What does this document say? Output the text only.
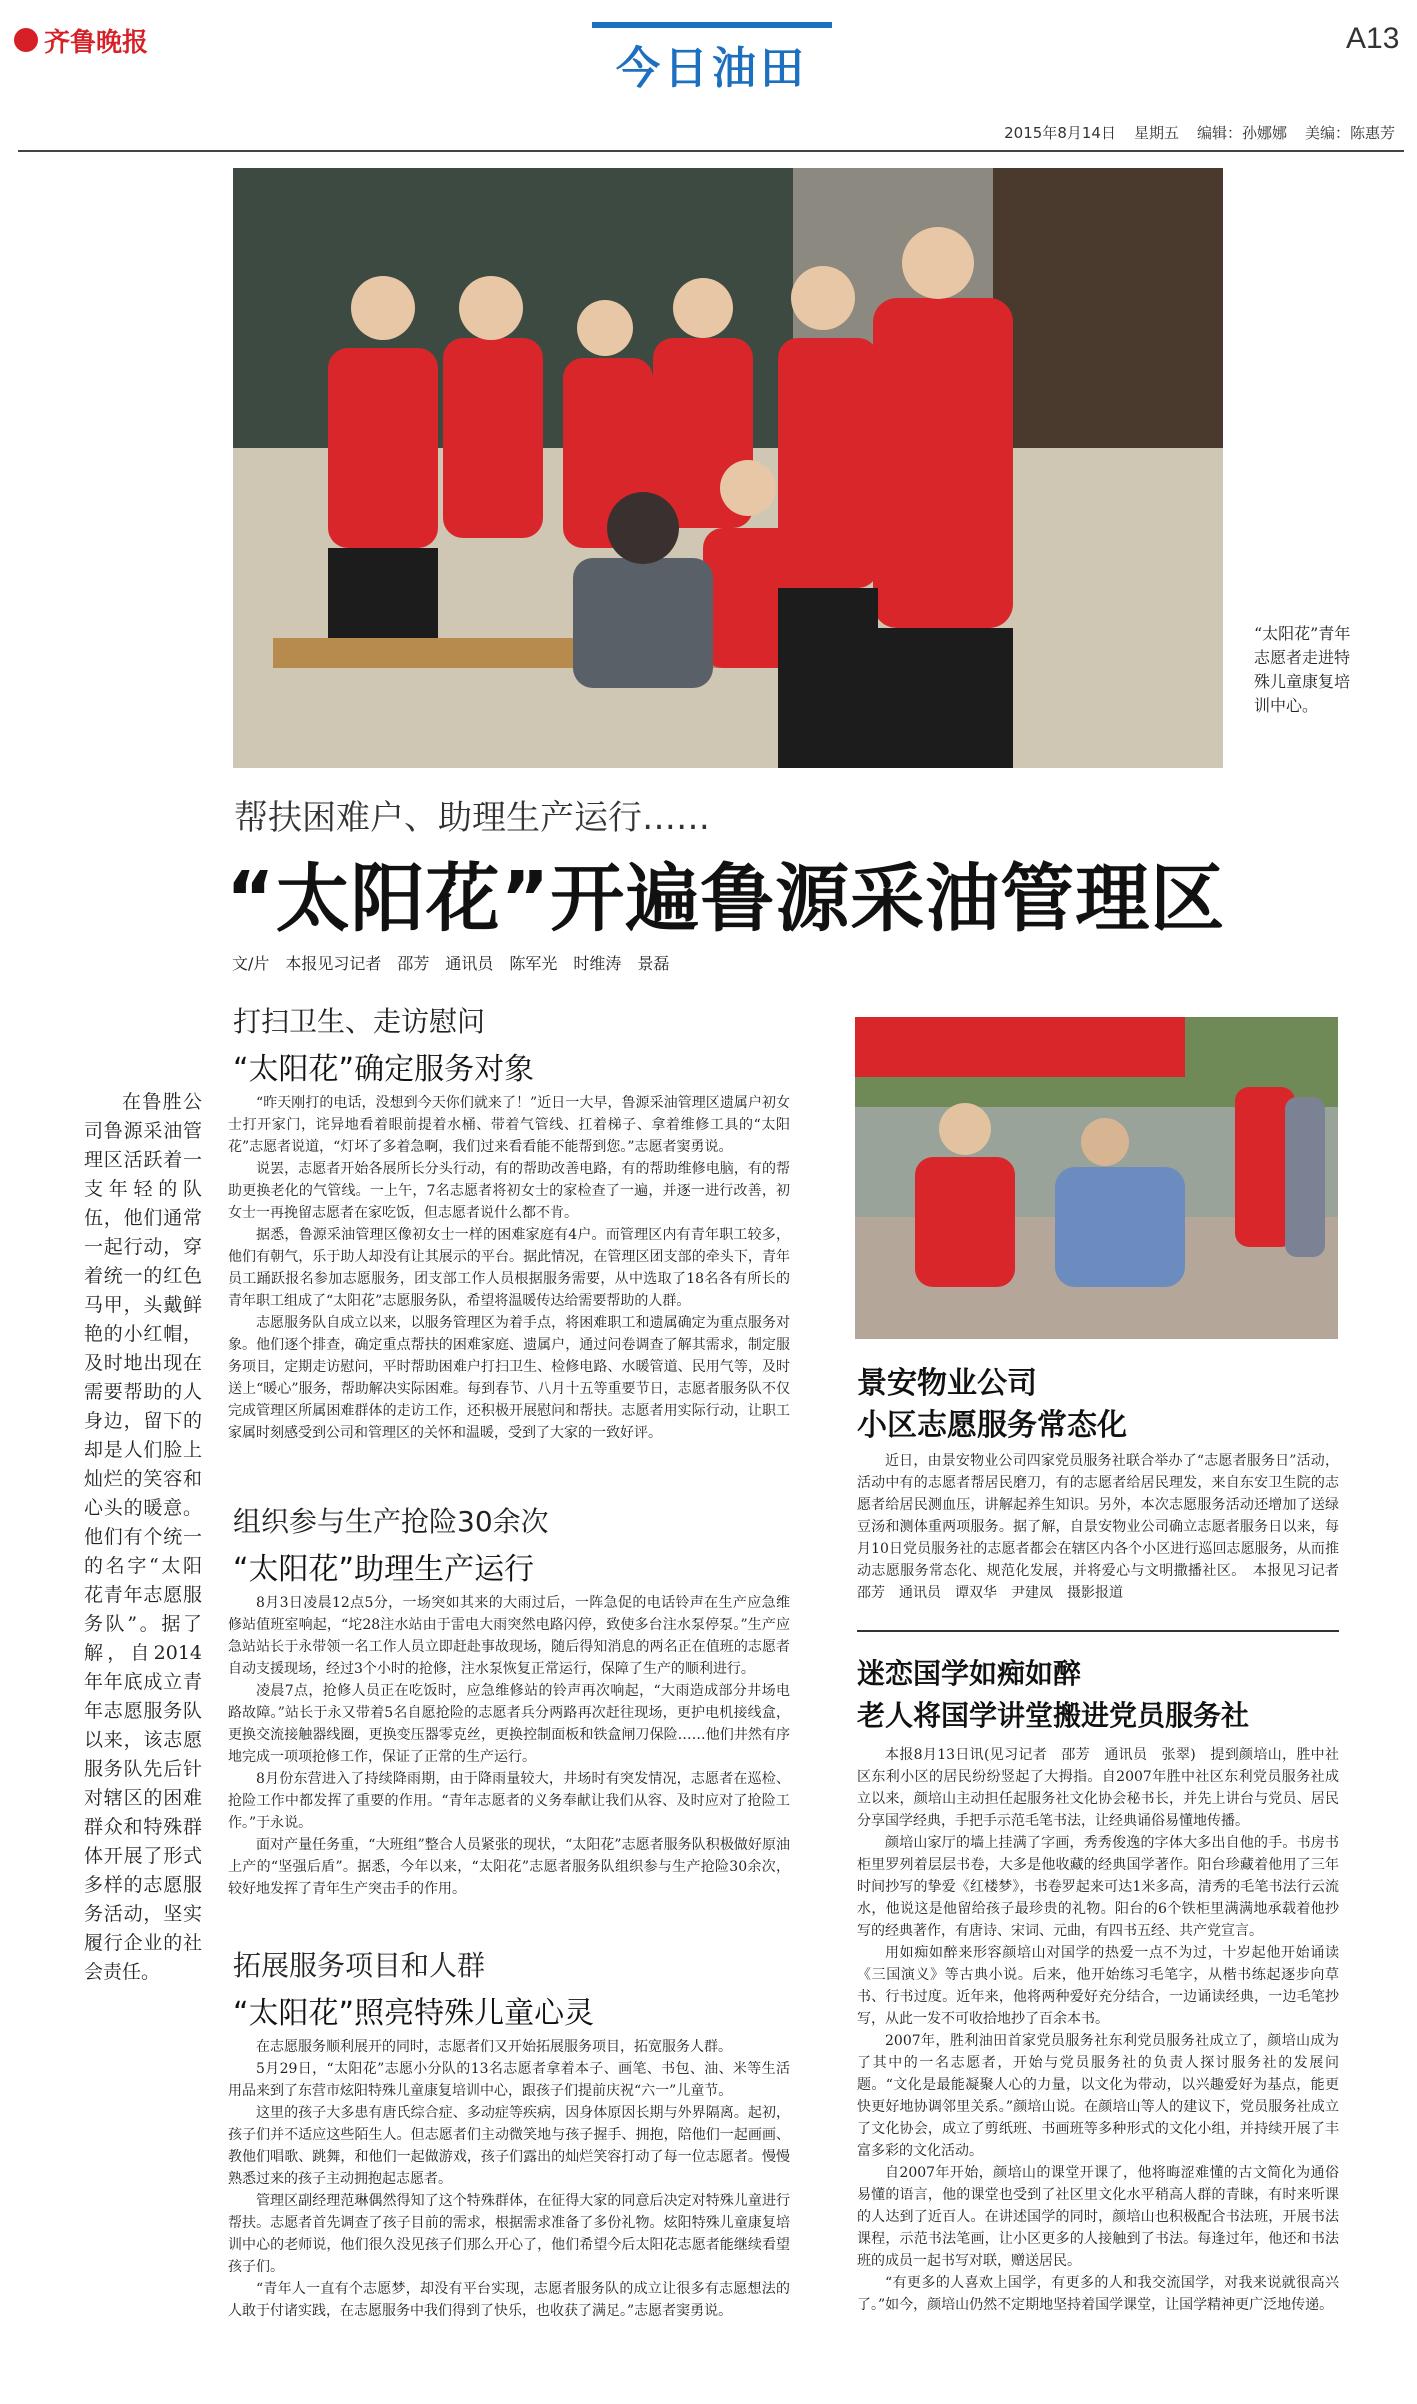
齐鲁晚报
今日油田
A13
2015年8月14日 星期五 编辑：孙娜娜 美编：陈惠芳
“太阳花”青年志愿者走进特殊儿童康复培训中心。
帮扶困难户、助理生产运行……
“太阳花”开遍鲁源采油管理区
文/片　本报见习记者　邵芳　通讯员　陈军光　时维涛　景磊

在鲁胜公司鲁源采油管理区活跃着一支年轻的队伍，他们通常一起行动，穿着统一的红色马甲，头戴鲜艳的小红帽，及时地出现在需要帮助的人身边，留下的却是人们脸上灿烂的笑容和心头的暖意。他们有个统一的名字“太阳花青年志愿服务队”。据了解，自2014年年底成立青年志愿服务队以来，该志愿服务队先后针对辖区的困难群众和特殊群体开展了形式多样的志愿服务活动，坚实履行企业的社会责任。

打扫卫生、走访慰问
“太阳花”确定服务对象

“昨天刚打的电话，没想到今天你们就来了！”近日一大早，鲁源采油管理区遗属户初女士打开家门，诧异地看着眼前提着水桶、带着气管线、扛着梯子、拿着维修工具的“太阳花”志愿者说道，“灯坏了多着急啊，我们过来看看能不能帮到您。”志愿者窦勇说。

说罢，志愿者开始各展所长分头行动，有的帮助改善电路，有的帮助维修电脑，有的帮助更换老化的气管线。一上午，7名志愿者将初女士的家检查了一遍，并逐一进行改善，初女士一再挽留志愿者在家吃饭，但志愿者说什么都不肯。

据悉，鲁源采油管理区像初女士一样的困难家庭有4户。而管理区内有青年职工较多，他们有朝气，乐于助人却没有让其展示的平台。据此情况，在管理区团支部的牵头下，青年员工踊跃报名参加志愿服务，团支部工作人员根据服务需要，从中选取了18名各有所长的青年职工组成了“太阳花”志愿服务队，希望将温暖传达给需要帮助的人群。

志愿服务队自成立以来，以服务管理区为着手点，将困难职工和遗属确定为重点服务对象。他们逐个排查，确定重点帮扶的困难家庭、遗属户，通过问卷调查了解其需求，制定服务项目，定期走访慰问，平时帮助困难户打扫卫生、检修电路、水暖管道、民用气等，及时送上“暖心”服务，帮助解决实际困难。每到春节、八月十五等重要节日，志愿者服务队不仅完成管理区所属困难群体的走访工作，还积极开展慰问和帮扶。志愿者用实际行动，让职工家属时刻感受到公司和管理区的关怀和温暖，受到了大家的一致好评。

组织参与生产抢险30余次
“太阳花”助理生产运行

8月3日凌晨12点5分，一场突如其来的大雨过后，一阵急促的电话铃声在生产应急维修站值班室响起，“坨28注水站由于雷电大雨突然电路闪停，致使多台注水泵停泵。”生产应急站站长于永带领一名工作人员立即赶赴事故现场，随后得知消息的两名正在值班的志愿者自动支援现场，经过3个小时的抢修，注水泵恢复正常运行，保障了生产的顺利进行。

凌晨7点，抢修人员正在吃饭时，应急维修站的铃声再次响起，“大雨造成部分井场电路故障。”站长于永又带着5名自愿抢险的志愿者兵分两路再次赶往现场，更护电机接线盒，更换交流接触器线圈，更换变压器零克丝，更换控制面板和铁盒闸刀保险……他们井然有序地完成一项项抢修工作，保证了正常的生产运行。

8月份东营进入了持续降雨期，由于降雨量较大，井场时有突发情况，志愿者在巡检、抢险工作中都发挥了重要的作用。“青年志愿者的义务奉献让我们从容、及时应对了抢险工作。”于永说。

面对产量任务重，“大班组”整合人员紧张的现状，“太阳花”志愿者服务队积极做好原油上产的“坚强后盾”。据悉，今年以来，“太阳花”志愿者服务队组织参与生产抢险30余次，较好地发挥了青年生产突击手的作用。

拓展服务项目和人群
“太阳花”照亮特殊儿童心灵

在志愿服务顺利展开的同时，志愿者们又开始拓展服务项目，拓宽服务人群。

5月29日，“太阳花”志愿小分队的13名志愿者拿着本子、画笔、书包、油、米等生活用品来到了东营市炫阳特殊儿童康复培训中心，跟孩子们提前庆祝“六一”儿童节。

这里的孩子大多患有唐氏综合症、多动症等疾病，因身体原因长期与外界隔离。起初，孩子们并不适应这些陌生人。但志愿者们主动微笑地与孩子握手、拥抱，陪他们一起画画、教他们唱歌、跳舞，和他们一起做游戏，孩子们露出的灿烂笑容打动了每一位志愿者。慢慢熟悉过来的孩子主动拥抱起志愿者。

管理区副经理范琳偶然得知了这个特殊群体，在征得大家的同意后决定对特殊儿童进行帮扶。志愿者首先调查了孩子目前的需求，根据需求准备了多份礼物。炫阳特殊儿童康复培训中心的老师说，他们很久没见孩子们那么开心了，他们希望今后太阳花志愿者能继续看望孩子们。

“青年人一直有个志愿梦，却没有平台实现，志愿者服务队的成立让很多有志愿想法的人敢于付诸实践，在志愿服务中我们得到了快乐，也收获了满足。”志愿者窦勇说。

景安物业公司
小区志愿服务常态化

近日，由景安物业公司四家党员服务社联合举办了“志愿者服务日”活动，活动中有的志愿者帮居民磨刀，有的志愿者给居民理发，来自东安卫生院的志愿者给居民测血压，讲解起养生知识。另外，本次志愿服务活动还增加了送绿豆汤和测体重两项服务。据了解，自景安物业公司确立志愿者服务日以来，每月10日党员服务社的志愿者都会在辖区内各个小区进行巡回志愿服务，从而推动志愿服务常态化、规范化发展，并将爱心与文明撒播社区。　本报见习记者　邵芳　通讯员　谭双华　尹建凤　摄影报道

迷恋国学如痴如醉
老人将国学讲堂搬进党员服务社

本报8月13日讯(见习记者　邵芳　通讯员　张翠)　提到颜培山，胜中社区东利小区的居民纷纷竖起了大拇指。自2007年胜中社区东利党员服务社成立以来，颜培山主动担任起服务社文化协会秘书长，并先上讲台与党员、居民分享国学经典，手把手示范毛笔书法，让经典诵俗易懂地传播。

颜培山家厅的墙上挂满了字画，秀秀俊逸的字体大多出自他的手。书房书柜里罗列着层层书卷，大多是他收藏的经典国学著作。阳台珍藏着他用了三年时间抄写的挚爱《红楼梦》，书卷罗起来可达1米多高，清秀的毛笔书法行云流水，他说这是他留给孩子最珍贵的礼物。阳台的6个铁柜里满满地承载着他抄写的经典著作，有唐诗、宋词、元曲，有四书五经、共产党宣言。

用如痴如醉来形容颜培山对国学的热爱一点不为过，十岁起他开始诵读《三国演义》等古典小说。后来，他开始练习毛笔字，从楷书练起逐步向草书、行书过度。近年来，他将两种爱好充分结合，一边诵读经典，一边毛笔抄写，从此一发不可收拾地抄了百余本书。

2007年，胜利油田首家党员服务社东利党员服务社成立了，颜培山成为了其中的一名志愿者，开始与党员服务社的负责人探讨服务社的发展问题。“文化是最能凝聚人心的力量，以文化为带动，以兴趣爱好为基点，能更快更好地协调邻里关系。”颜培山说。在颜培山等人的建议下，党员服务社成立了文化协会，成立了剪纸班、书画班等多种形式的文化小组，并持续开展了丰富多彩的文化活动。

自2007年开始，颜培山的课堂开课了，他将晦涩难懂的古文简化为通俗易懂的语言，他的课堂也受到了社区里文化水平稍高人群的青睐，有时来听课的人达到了近百人。在讲述国学的同时，颜培山也积极配合书法班，开展书法课程，示范书法笔画，让小区更多的人接触到了书法。每逢过年，他还和书法班的成员一起书写对联，赠送居民。

“有更多的人喜欢上国学，有更多的人和我交流国学，对我来说就很高兴了。”如今，颜培山仍然不定期地坚持着国学课堂，让国学精神更广泛地传递。
